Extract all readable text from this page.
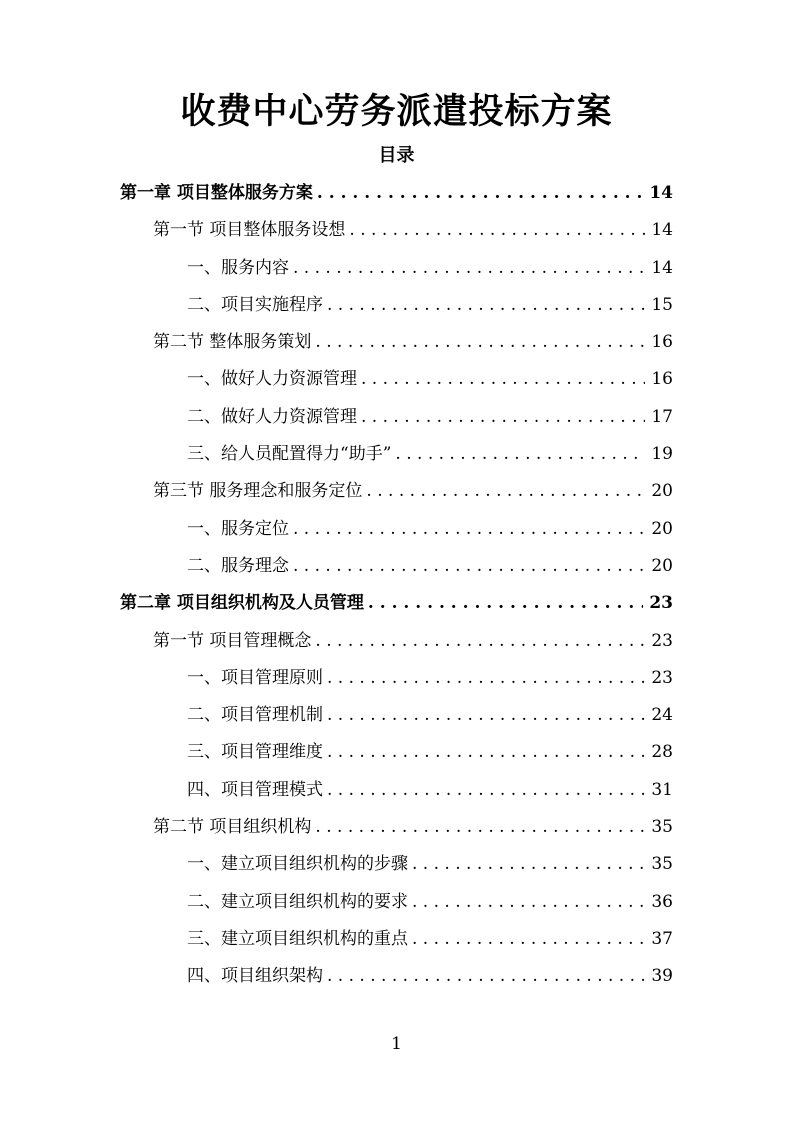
收费中心劳务派遣投标方案
目录
第一章 项目整体服务方案 . . .	14
第一节 项目整体服务设想 . . .	14
一、服务内容 . . .	14
二、项目实施程序 . . .	15
第二节 整体服务策划 . . .	16
一、做好人力资源管理 . . .	16
二、做好人力资源管理 . . .	17
三、给人员配置得力“助手” . . .	19
第三节 服务理念和服务定位 . . .	20
一、服务定位 . . .	20
二、服务理念 . . .	20
第二章 项目组织机构及人员管理 . . .	23
第一节 项目管理概念 . . .	23
一、项目管理原则 . . .	23
二、项目管理机制 . . .	24
三、项目管理维度 . . .	28
四、项目管理模式 . . .	31
第二节 项目组织机构 . . .	35
一、建立项目组织机构的步骤 . . .	35
二、建立项目组织机构的要求 . . .	36
三、建立项目组织机构的重点 . . .	37
四、项目组织架构 . . .	39
1
